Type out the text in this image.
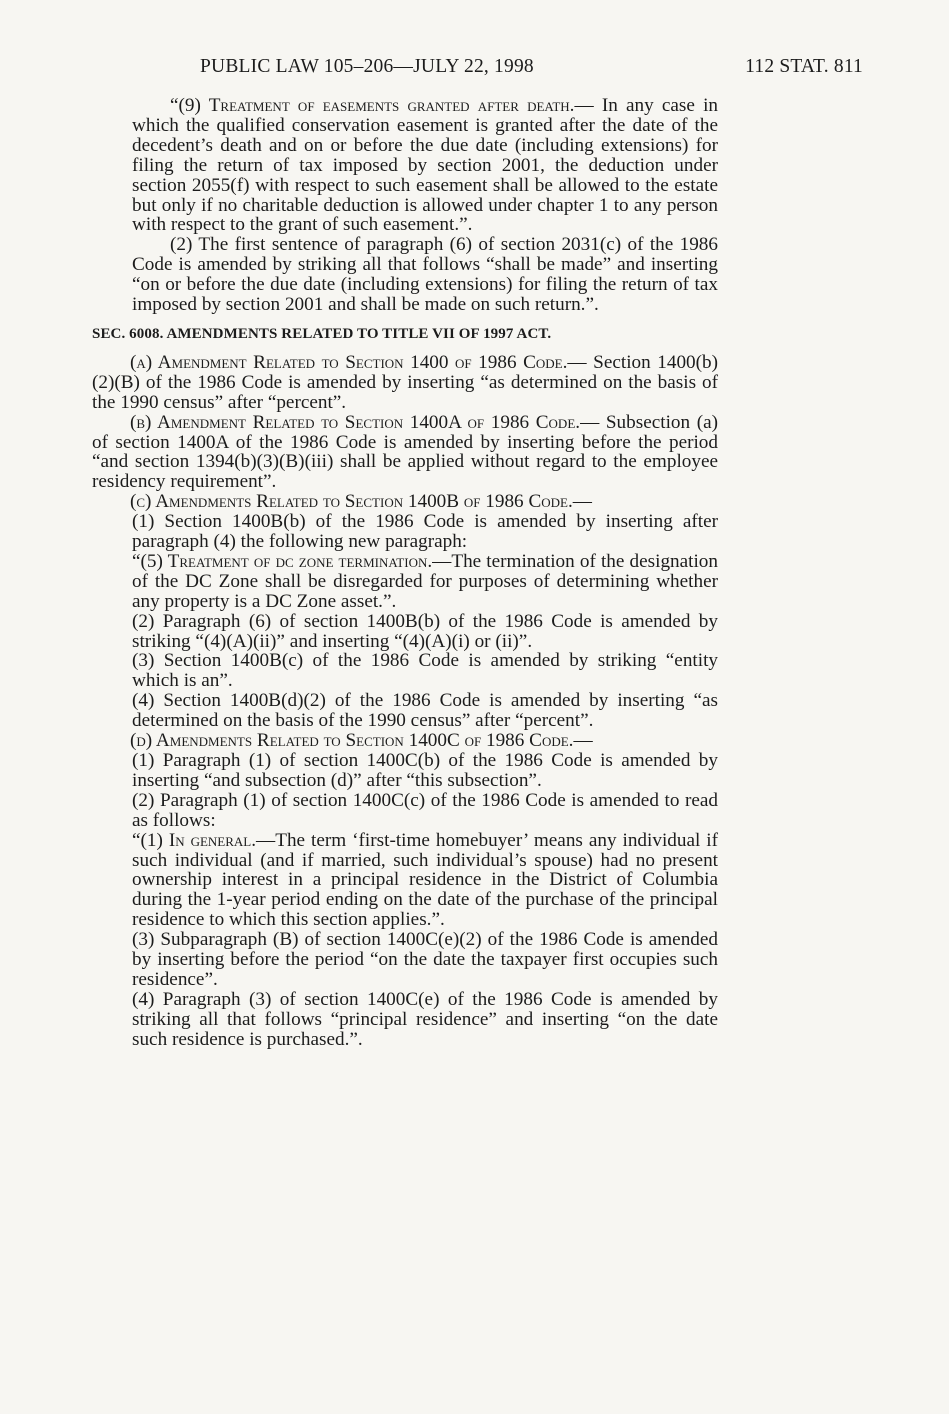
PUBLIC LAW 105–206—JULY 22, 1998	112 STAT. 811

“(9) Treatment of easements granted after death.— In any case in which the qualified conservation easement is granted after the date of the decedent’s death and on or before the due date (including extensions) for filing the return of tax imposed by section 2001, the deduction under section 2055(f) with respect to such easement shall be allowed to the estate but only if no charitable deduction is allowed under chapter 1 to any person with respect to the grant of such easement.”.

(2) The first sentence of paragraph (6) of section 2031(c) of the 1986 Code is amended by striking all that follows “shall be made” and inserting “on or before the due date (including extensions) for filing the return of tax imposed by section 2001 and shall be made on such return.”.

SEC. 6008. AMENDMENTS RELATED TO TITLE VII OF 1997 ACT.

(a) Amendment Related to Section 1400 of 1986 Code.— Section 1400(b)(2)(B) of the 1986 Code is amended by inserting “as determined on the basis of the 1990 census” after “percent”.

(b) Amendment Related to Section 1400A of 1986 Code.— Subsection (a) of section 1400A of the 1986 Code is amended by inserting before the period “and section 1394(b)(3)(B)(iii) shall be applied without regard to the employee residency requirement”.

(c) Amendments Related to Section 1400B of 1986 Code.—

(1) Section 1400B(b) of the 1986 Code is amended by inserting after paragraph (4) the following new paragraph:

“(5) Treatment of dc zone termination.—The termination of the designation of the DC Zone shall be disregarded for purposes of determining whether any property is a DC Zone asset.”.

(2) Paragraph (6) of section 1400B(b) of the 1986 Code is amended by striking “(4)(A)(ii)” and inserting “(4)(A)(i) or (ii)”.

(3) Section 1400B(c) of the 1986 Code is amended by striking “entity which is an”.

(4) Section 1400B(d)(2) of the 1986 Code is amended by inserting “as determined on the basis of the 1990 census” after “percent”.

(d) Amendments Related to Section 1400C of 1986 Code.—

(1) Paragraph (1) of section 1400C(b) of the 1986 Code is amended by inserting “and subsection (d)” after “this subsection”.

(2) Paragraph (1) of section 1400C(c) of the 1986 Code is amended to read as follows:

“(1) In general.—The term ‘first-time homebuyer’ means any individual if such individual (and if married, such individual’s spouse) had no present ownership interest in a principal residence in the District of Columbia during the 1-year period ending on the date of the purchase of the principal residence to which this section applies.”.

(3) Subparagraph (B) of section 1400C(e)(2) of the 1986 Code is amended by inserting before the period “on the date the taxpayer first occupies such residence”.

(4) Paragraph (3) of section 1400C(e) of the 1986 Code is amended by striking all that follows “principal residence” and inserting “on the date such residence is purchased.”.
